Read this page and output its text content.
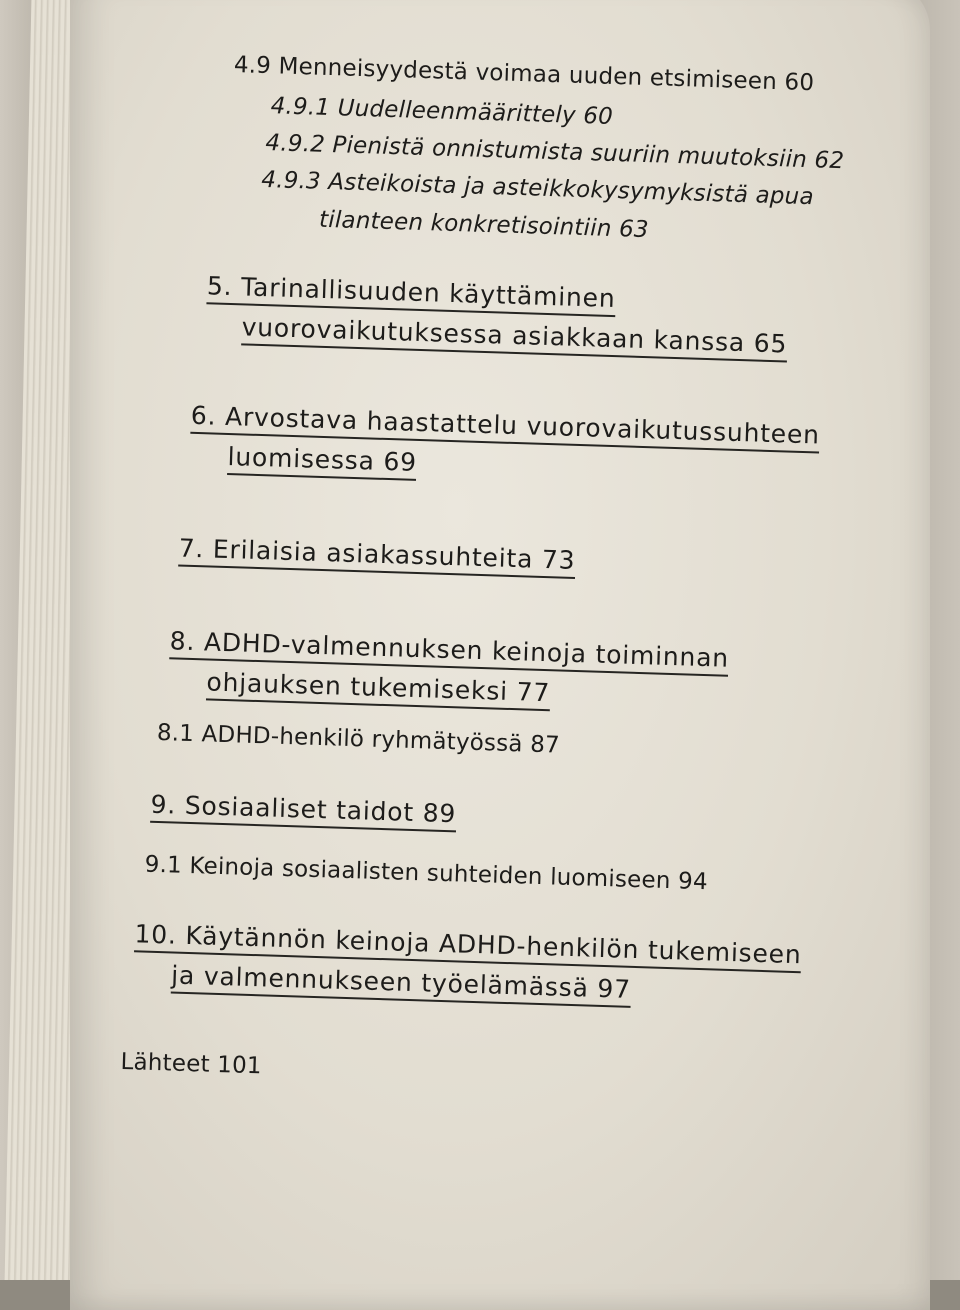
4.9 Menneisyydestä voimaa uuden etsimiseen 60
4.9.1 Uudelleenmäärittely 60
4.9.2 Pienistä onnistumista suuriin muutoksiin 62
4.9.3 Asteikoista ja asteikkokysymyksistä apua
tilanteen konkretisointiin 63
5. Tarinallisuuden käyttäminen
vuorovaikutuksessa asiakkaan kanssa 65
6. Arvostava haastattelu vuorovaikutussuhteen
luomisessa 69
7. Erilaisia asiakassuhteita 73
8. ADHD-valmennuksen keinoja toiminnan
ohjauksen tukemiseksi 77
8.1 ADHD-henkilö ryhmätyössä 87
9. Sosiaaliset taidot 89
9.1 Keinoja sosiaalisten suhteiden luomiseen 94
10. Käytännön keinoja ADHD-henkilön tukemiseen
ja valmennukseen työelämässä 97
Lähteet 101
